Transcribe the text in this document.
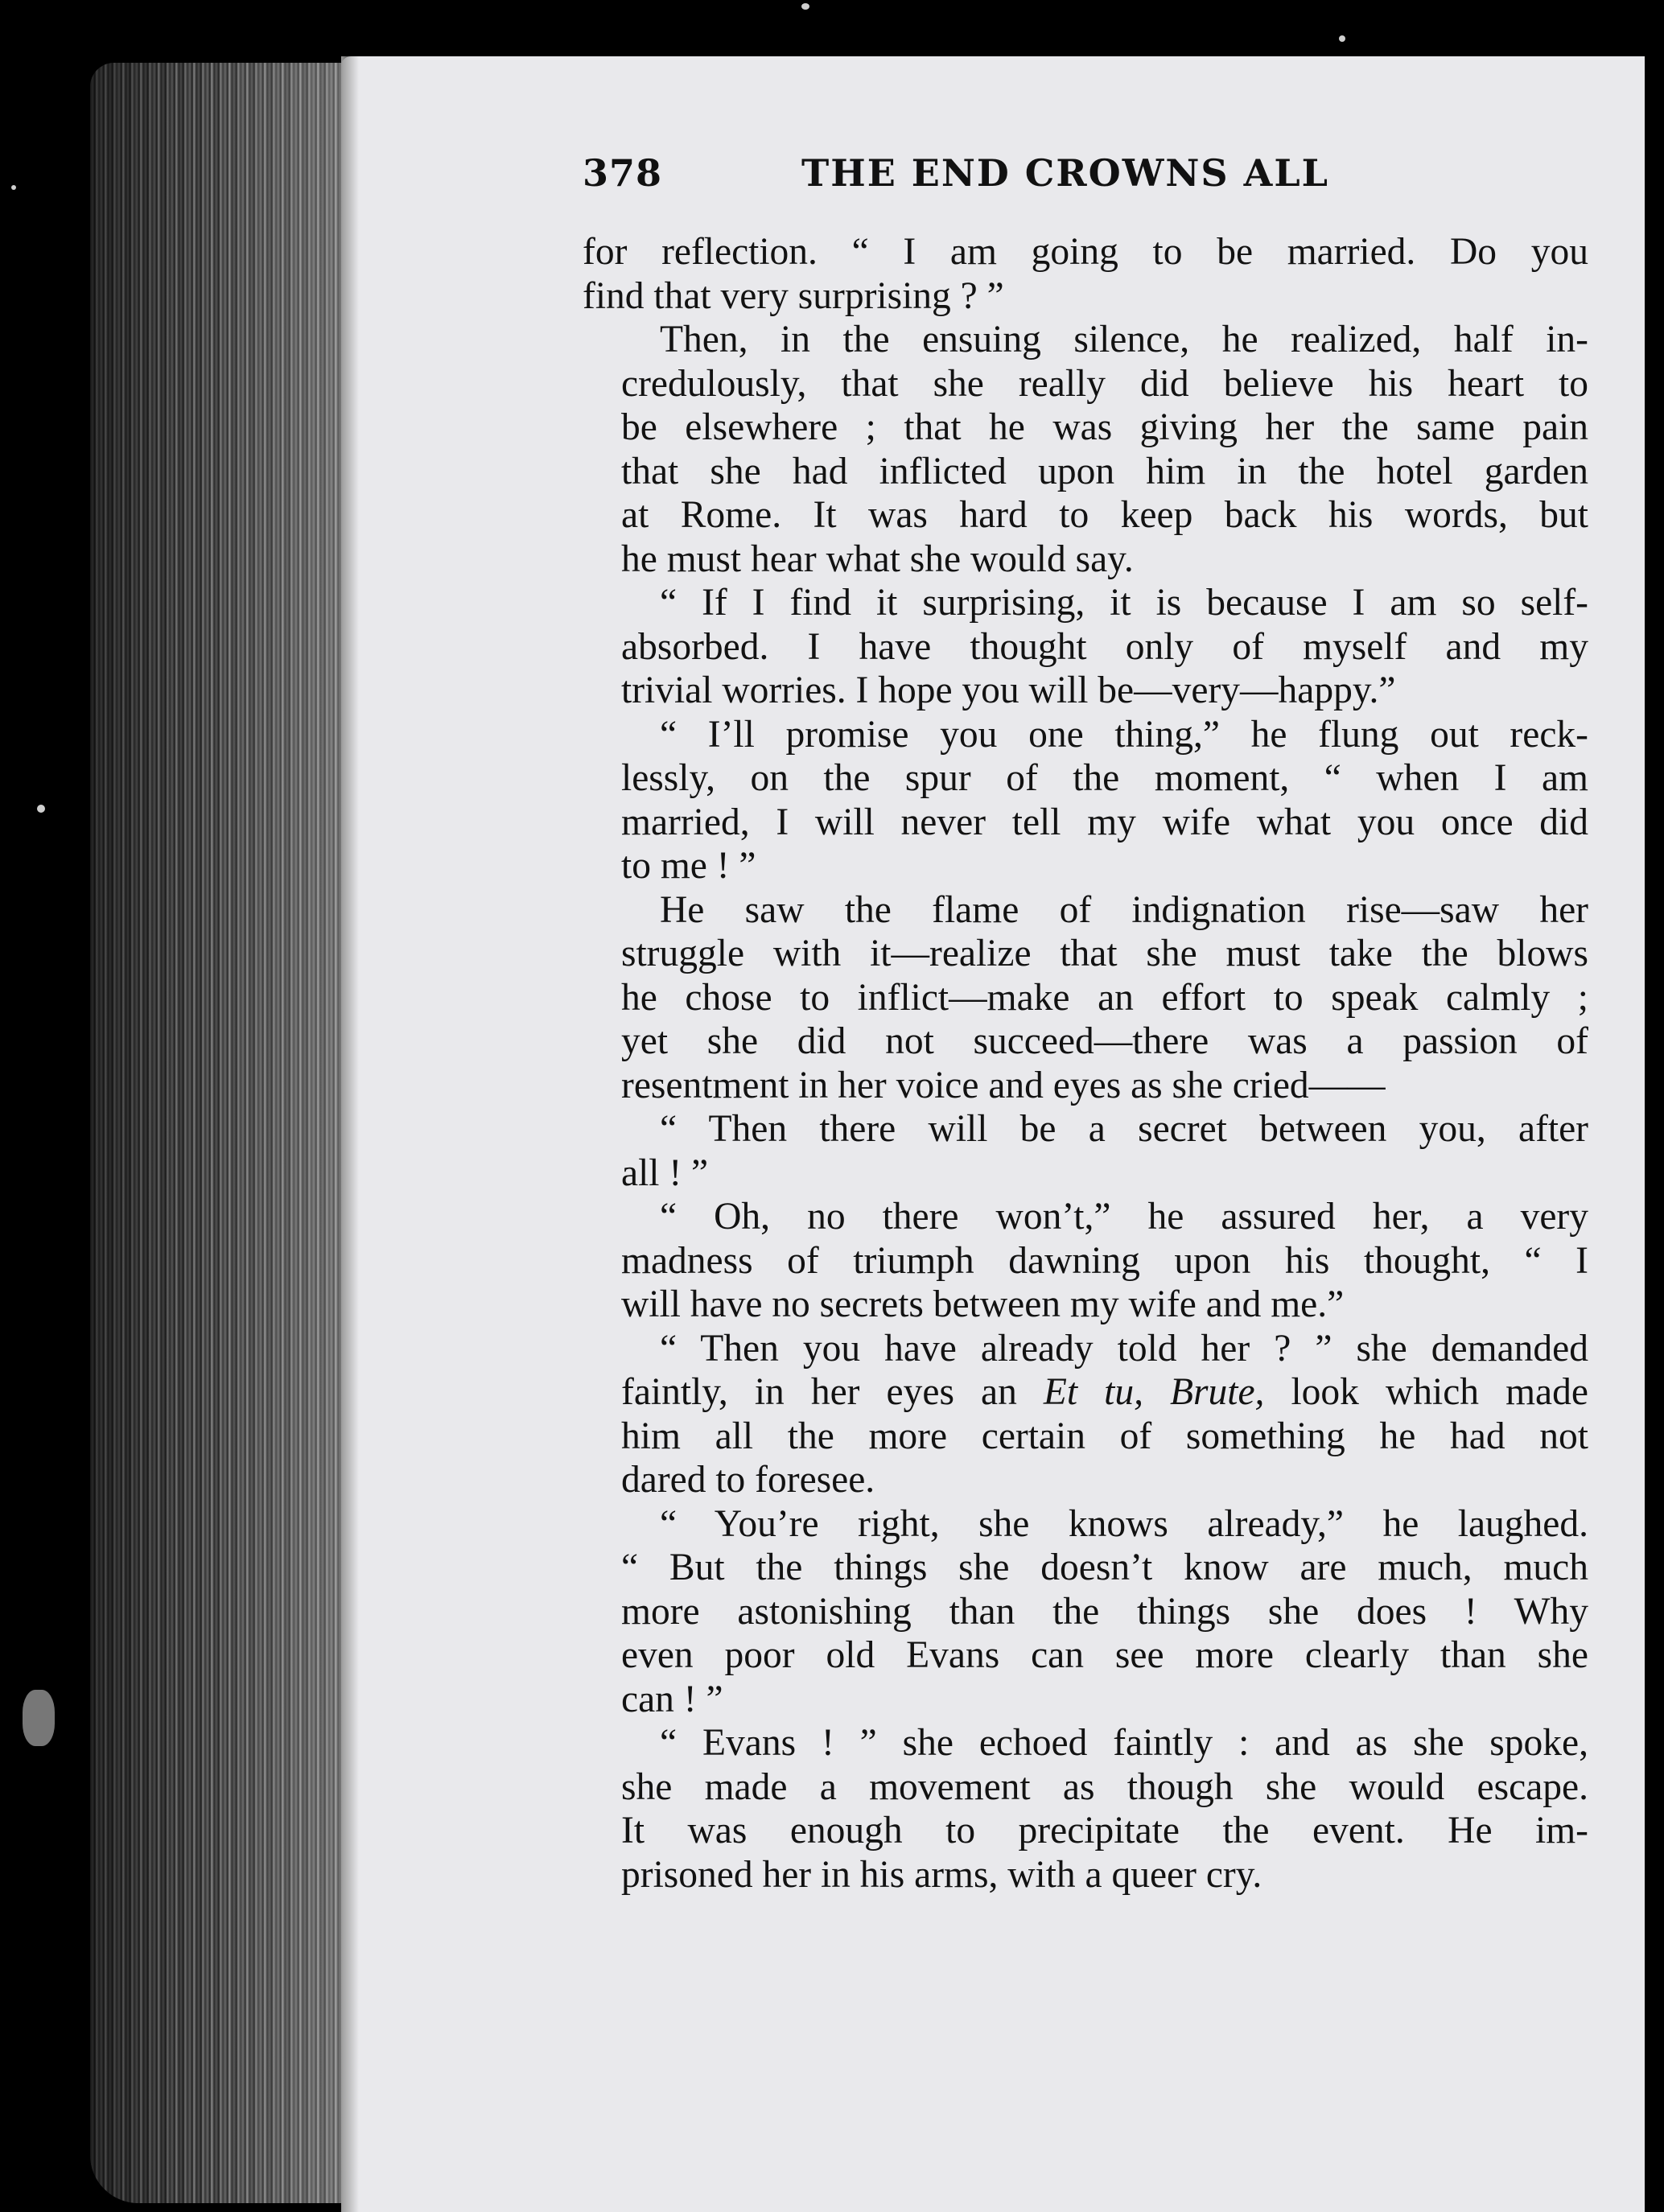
378	THE END CROWNS ALL
for reflection. “ I am going to be married. Do you
find that very surprising ? ”
Then, in the ensuing silence, he realized, half in-
credulously, that she really did believe his heart to
be elsewhere ; that he was giving her the same pain
that she had inflicted upon him in the hotel garden
at Rome. It was hard to keep back his words, but
he must hear what she would say.
“ If I find it surprising, it is because I am so self-
absorbed. I have thought only of myself and my
trivial worries. I hope you will be—very—happy.”
“ I’ll promise you one thing,” he flung out reck-
lessly, on the spur of the moment, “ when I am
married, I will never tell my wife what you once did
to me ! ”
He saw the flame of indignation rise—saw her
struggle with it—realize that she must take the blows
he chose to inflict—make an effort to speak calmly ;
yet she did not succeed—there was a passion of
resentment in her voice and eyes as she cried——
“ Then there will be a secret between you, after
all ! ”
“ Oh, no there won’t,” he assured her, a very
madness of triumph dawning upon his thought, “ I
will have no secrets between my wife and me.”
“ Then you have already told her ? ” she demanded
faintly, in her eyes an Et tu, Brute, look which made
him all the more certain of something he had not
dared to foresee.
“ You’re right, she knows already,” he laughed.
“ But the things she doesn’t know are much, much
more astonishing than the things she does ! Why
even poor old Evans can see more clearly than she
can ! ”
“ Evans ! ” she echoed faintly : and as she spoke,
she made a movement as though she would escape.
It was enough to precipitate the event. He im-
prisoned her in his arms, with a queer cry.
